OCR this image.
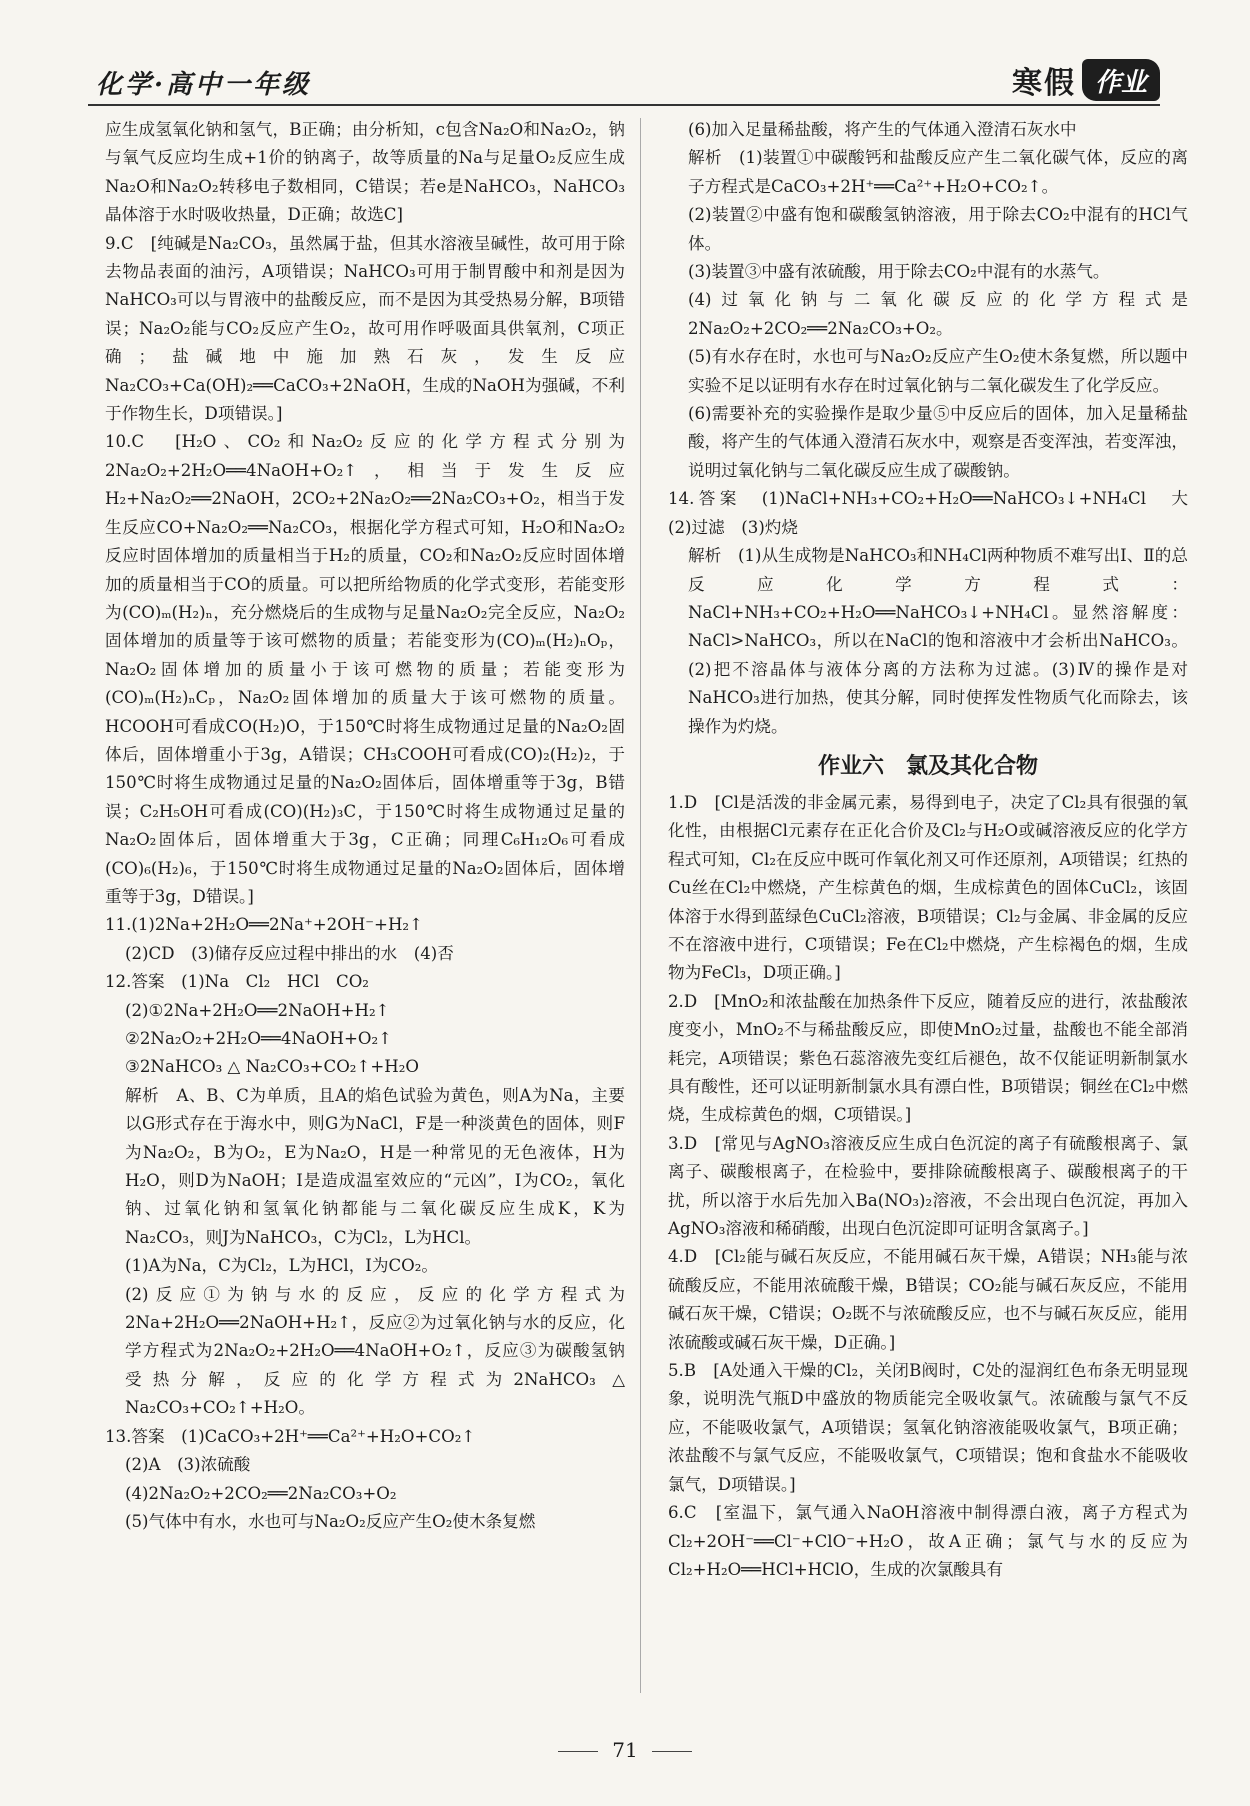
化学·高中一年级	寒假 作业
应生成氢氧化钠和氢气，B正确；由分析知，c包含Na₂O和Na₂O₂，钠与氧气反应均生成+1价的钠离子，故等质量的Na与足量O₂反应生成Na₂O和Na₂O₂转移电子数相同，C错误；若e是NaHCO₃，NaHCO₃晶体溶于水时吸收热量，D正确；故选C]
9.C　[纯碱是Na₂CO₃，虽然属于盐，但其水溶液呈碱性，故可用于除去物品表面的油污，A项错误；NaHCO₃可用于制胃酸中和剂是因为NaHCO₃可以与胃液中的盐酸反应，而不是因为其受热易分解，B项错误；Na₂O₂能与CO₂反应产生O₂，故可用作呼吸面具供氧剂，C项正确；盐碱地中施加熟石灰，发生反应Na₂CO₃+Ca(OH)₂══CaCO₃+2NaOH，生成的NaOH为强碱，不利于作物生长，D项错误。]
10.C　[H₂O、CO₂和Na₂O₂反应的化学方程式分别为2Na₂O₂+2H₂O══4NaOH+O₂↑，相当于发生反应H₂+Na₂O₂══2NaOH，2CO₂+2Na₂O₂══2Na₂CO₃+O₂，相当于发生反应CO+Na₂O₂══Na₂CO₃，根据化学方程式可知，H₂O和Na₂O₂反应时固体增加的质量相当于H₂的质量，CO₂和Na₂O₂反应时固体增加的质量相当于CO的质量。可以把所给物质的化学式变形，若能变形为(CO)ₘ(H₂)ₙ，充分燃烧后的生成物与足量Na₂O₂完全反应，Na₂O₂固体增加的质量等于该可燃物的质量；若能变形为(CO)ₘ(H₂)ₙOₚ，Na₂O₂固体增加的质量小于该可燃物的质量；若能变形为(CO)ₘ(H₂)ₙCₚ，Na₂O₂固体增加的质量大于该可燃物的质量。HCOOH可看成CO(H₂)O，于150℃时将生成物通过足量的Na₂O₂固体后，固体增重小于3g，A错误；CH₃COOH可看成(CO)₂(H₂)₂，于150℃时将生成物通过足量的Na₂O₂固体后，固体增重等于3g，B错误；C₂H₅OH可看成(CO)(H₂)₃C，于150℃时将生成物通过足量的Na₂O₂固体后，固体增重大于3g，C正确；同理C₆H₁₂O₆可看成(CO)₆(H₂)₆，于150℃时将生成物通过足量的Na₂O₂固体后，固体增重等于3g，D错误。]
11.(1)2Na+2H₂O══2Na⁺+2OH⁻+H₂↑
(2)CD　(3)储存反应过程中排出的水　(4)否
12.答案　(1)Na　Cl₂　HCl　CO₂
(2)①2Na+2H₂O══2NaOH+H₂↑
②2Na₂O₂+2H₂O══4NaOH+O₂↑
③2NaHCO₃ △ Na₂CO₃+CO₂↑+H₂O
解析　A、B、C为单质，且A的焰色试验为黄色，则A为Na，主要以G形式存在于海水中，则G为NaCl，F是一种淡黄色的固体，则F为Na₂O₂，B为O₂，E为Na₂O，H是一种常见的无色液体，H为H₂O，则D为NaOH；I是造成温室效应的“元凶”，I为CO₂，氧化钠、过氧化钠和氢氧化钠都能与二氧化碳反应生成K，K为Na₂CO₃，则J为NaHCO₃，C为Cl₂，L为HCl。
(1)A为Na，C为Cl₂，L为HCl，I为CO₂。
(2)反应①为钠与水的反应，反应的化学方程式为2Na+2H₂O══2NaOH+H₂↑，反应②为过氧化钠与水的反应，化学方程式为2Na₂O₂+2H₂O══4NaOH+O₂↑，反应③为碳酸氢钠受热分解，反应的化学方程式为2NaHCO₃ △ Na₂CO₃+CO₂↑+H₂O。
13.答案　(1)CaCO₃+2H⁺══Ca²⁺+H₂O+CO₂↑
(2)A　(3)浓硫酸
(4)2Na₂O₂+2CO₂══2Na₂CO₃+O₂
(5)气体中有水，水也可与Na₂O₂反应产生O₂使木条复燃
(6)加入足量稀盐酸，将产生的气体通入澄清石灰水中
解析　(1)装置①中碳酸钙和盐酸反应产生二氧化碳气体，反应的离子方程式是CaCO₃+2H⁺══Ca²⁺+H₂O+CO₂↑。
(2)装置②中盛有饱和碳酸氢钠溶液，用于除去CO₂中混有的HCl气体。
(3)装置③中盛有浓硫酸，用于除去CO₂中混有的水蒸气。
(4)过氧化钠与二氧化碳反应的化学方程式是2Na₂O₂+2CO₂══2Na₂CO₃+O₂。
(5)有水存在时，水也可与Na₂O₂反应产生O₂使木条复燃，所以题中实验不足以证明有水存在时过氧化钠与二氧化碳发生了化学反应。
(6)需要补充的实验操作是取少量⑤中反应后的固体，加入足量稀盐酸，将产生的气体通入澄清石灰水中，观察是否变浑浊，若变浑浊，说明过氧化钠与二氧化碳反应生成了碳酸钠。
14.答案　(1)NaCl+NH₃+CO₂+H₂O══NaHCO₃↓+NH₄Cl　大　(2)过滤　(3)灼烧
解析　(1)从生成物是NaHCO₃和NH₄Cl两种物质不难写出Ⅰ、Ⅱ的总反应化学方程式：NaCl+NH₃+CO₂+H₂O══NaHCO₃↓+NH₄Cl。显然溶解度：NaCl>NaHCO₃，所以在NaCl的饱和溶液中才会析出NaHCO₃。(2)把不溶晶体与液体分离的方法称为过滤。(3)Ⅳ的操作是对NaHCO₃进行加热，使其分解，同时使挥发性物质气化而除去，该操作为灼烧。
作业六　氯及其化合物
1.D　[Cl是活泼的非金属元素，易得到电子，决定了Cl₂具有很强的氧化性，由根据Cl元素存在正化合价及Cl₂与H₂O或碱溶液反应的化学方程式可知，Cl₂在反应中既可作氧化剂又可作还原剂，A项错误；红热的Cu丝在Cl₂中燃烧，产生棕黄色的烟，生成棕黄色的固体CuCl₂，该固体溶于水得到蓝绿色CuCl₂溶液，B项错误；Cl₂与金属、非金属的反应不在溶液中进行，C项错误；Fe在Cl₂中燃烧，产生棕褐色的烟，生成物为FeCl₃，D项正确。]
2.D　[MnO₂和浓盐酸在加热条件下反应，随着反应的进行，浓盐酸浓度变小，MnO₂不与稀盐酸反应，即使MnO₂过量，盐酸也不能全部消耗完，A项错误；紫色石蕊溶液先变红后褪色，故不仅能证明新制氯水具有酸性，还可以证明新制氯水具有漂白性，B项错误；铜丝在Cl₂中燃烧，生成棕黄色的烟，C项错误。]
3.D　[常见与AgNO₃溶液反应生成白色沉淀的离子有硫酸根离子、氯离子、碳酸根离子，在检验中，要排除硫酸根离子、碳酸根离子的干扰，所以溶于水后先加入Ba(NO₃)₂溶液，不会出现白色沉淀，再加入AgNO₃溶液和稀硝酸，出现白色沉淀即可证明含氯离子。]
4.D　[Cl₂能与碱石灰反应，不能用碱石灰干燥，A错误；NH₃能与浓硫酸反应，不能用浓硫酸干燥，B错误；CO₂能与碱石灰反应，不能用碱石灰干燥，C错误；O₂既不与浓硫酸反应，也不与碱石灰反应，能用浓硫酸或碱石灰干燥，D正确。]
5.B　[A处通入干燥的Cl₂，关闭B阀时，C处的湿润红色布条无明显现象，说明洗气瓶D中盛放的物质能完全吸收氯气。浓硫酸与氯气不反应，不能吸收氯气，A项错误；氢氧化钠溶液能吸收氯气，B项正确；浓盐酸不与氯气反应，不能吸收氯气，C项错误；饱和食盐水不能吸收氯气，D项错误。]
6.C　[室温下，氯气通入NaOH溶液中制得漂白液，离子方程式为Cl₂+2OH⁻══Cl⁻+ClO⁻+H₂O，故A正确；氯气与水的反应为Cl₂+H₂O══HCl+HClO，生成的次氯酸具有
71
